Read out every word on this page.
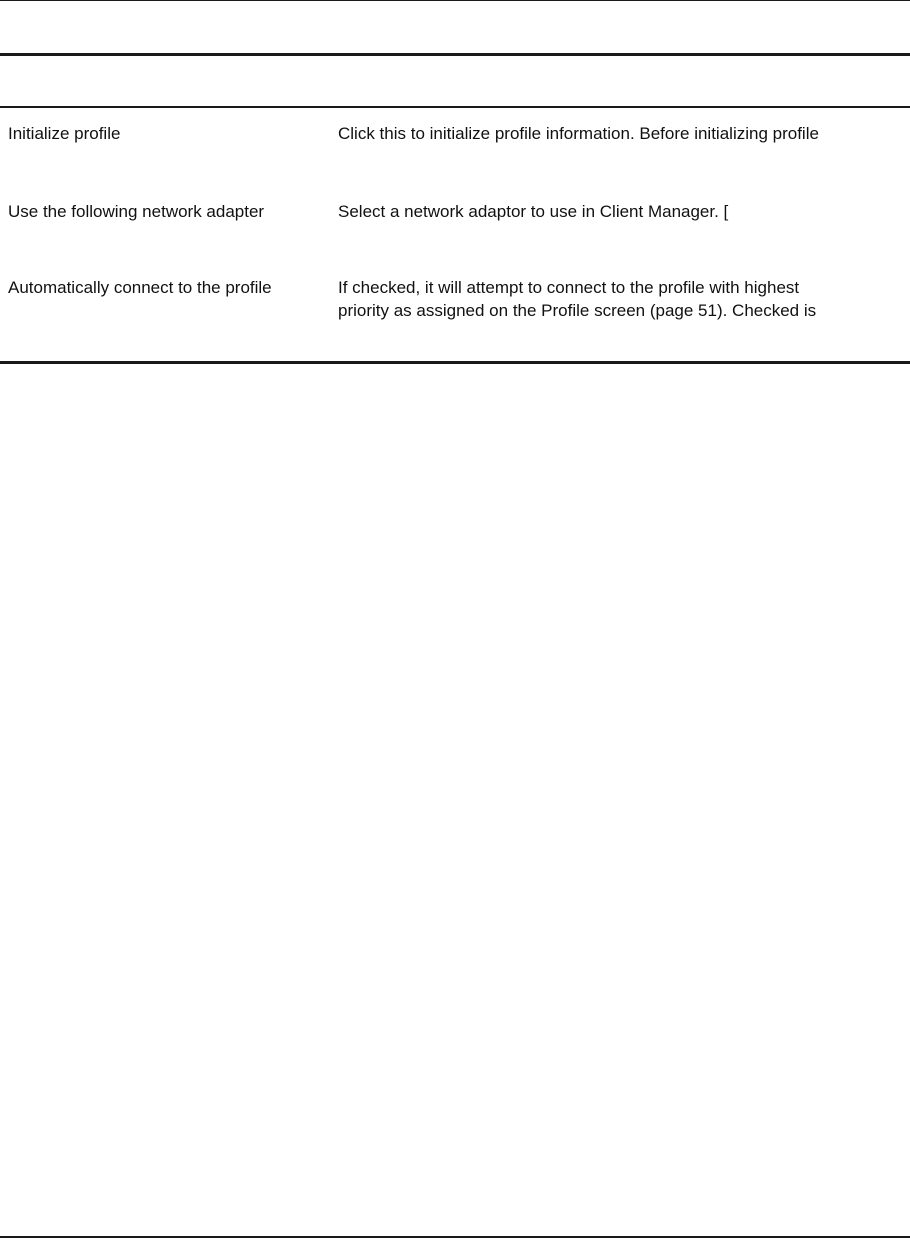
Initialize profile	Click this to initialize profile information. Before initializing profile
Use the following network adapter	Select a network adaptor to use in Client Manager. [
Automatically connect to the profile	If checked, it will attempt to connect to the profile with highest
priority as assigned on the Profile screen (page 51). Checked is
